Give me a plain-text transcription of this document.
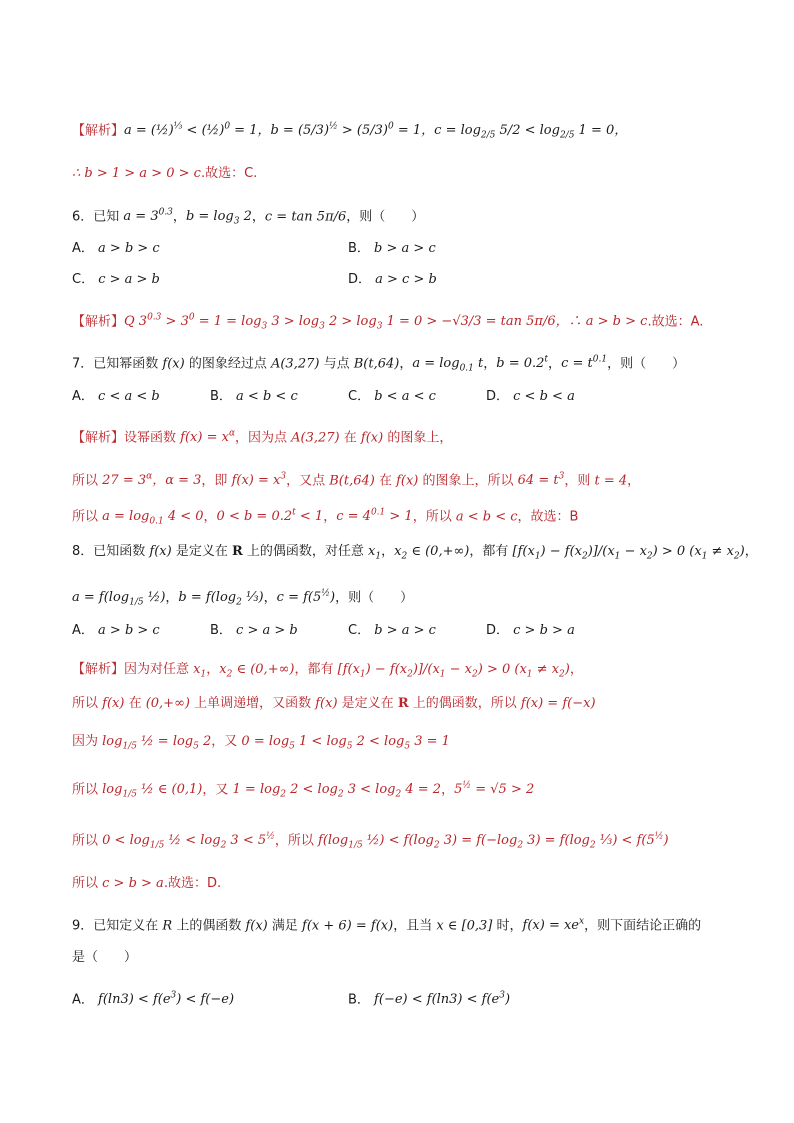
【解析】a = (½)$^{\frac{1}{3}}$ < (½)$^0$ = 1，$b = (5/3)^{\frac{1}{2}} > (5/3)^0 = 1$，$c = \log_{2/5} 5/2 < \log_{2/5} 1 = 0$，
∴ b > 1 > a > 0 > c.故选：C.
6．已知 $a = 3^{0.3}$，$b = \log_3 2$，c = tan 5π/6，则（　　）
A． a > b > c	B． b > a > c
C． c > a > b	D． a > c > b
【解析】Q $3^{0.3} > 3^0 = 1 = \log_3 3 > \log_3 2 > \log_3 1 = 0 > -√3/3 = \tan 5\pi/6$，∴ a > b > c.故选：A.
7．已知幂函数 f(x) 的图象经过点 A(3,27) 与点 B(t,64)，$a = \log_{0.1} t$，$b = 0.2^t$，$c = t^{0.1}$，则（　　）
A． c < a < b	B． a < b < c	C． b < a < c	D． c < b < a
【解析】设幂函数 $f(x) = x^\alpha$，因为点 A(3,27) 在 f(x) 的图象上，
所以 $27 = 3^\alpha$，α = 3，即 $f(x) = x^3$，又点 B(t,64) 在 f(x) 的图象上，所以 $64 = t^3$，则 t = 4，
所以 $a = \log_{0.1} 4 < 0$，$0 < b = 0.2^t < 1$，$c = 4^{0.1} > 1$，所以 a < b < c，故选：B
8．已知函数 f(x) 是定义在 R 上的偶函数，对任意 $x_1$，$x_2$ ∈ (0,+∞)，都有 $[f(x_1) - f(x_2)]/(x_1 - x_2) > 0$ $(x_1 \ne x_2)$，
$a = f(\log_{1/5}$ ½)，$b = f(\log_2$ ⅓)，$c = f(5^{\frac{1}{2}})$，则（　　）
A． a > b > c	B． c > a > b	C． b > a > c	D． c > b > a
【解析】因为对任意 $x_1$，$x_2$ ∈ (0,+∞)，都有 $[f(x_1) - f(x_2)]/(x_1 - x_2) > 0$ $(x_1 \ne x_2)$，
所以 f(x) 在 (0,+∞) 上单调递增，又函数 f(x) 是定义在 R 上的偶函数，所以 f(x) = f(−x)
因为 $\log_{1/5}$ ½ = $\log_5 2$，又 $0 = \log_5 1 < \log_5 2 < \log_5 3 = 1$
所以 $\log_{1/5}$ ½ ∈ (0,1)，又 $1 = \log_2 2 < \log_2 3 < \log_2 4 = 2$，$5^{\frac{1}{2}} = √5 > 2$
所以 $0 < \log_{1/5}$ ½ < $\log_2 3 < 5^{\frac{1}{2}}$，所以 $f(\log_{1/5}$ ½) < $f(\log_2$ $3) = f(-\log_2$ $3) = f(\log_2$ ⅓) < $f(5^{\frac{1}{2}})$
所以 c > b > a.故选：D.
9．已知定义在 R 上的偶函数 f(x) 满足 f(x + 6) = f(x)，且当 x ∈ [0,3] 时，$f(x) = xe^x$，则下面结论正确的
是（　　）
A． $f(\ln 3) < f(e^3) < f(-e)$	B． $f(-e) < f(\ln 3) < f(e^3)$
